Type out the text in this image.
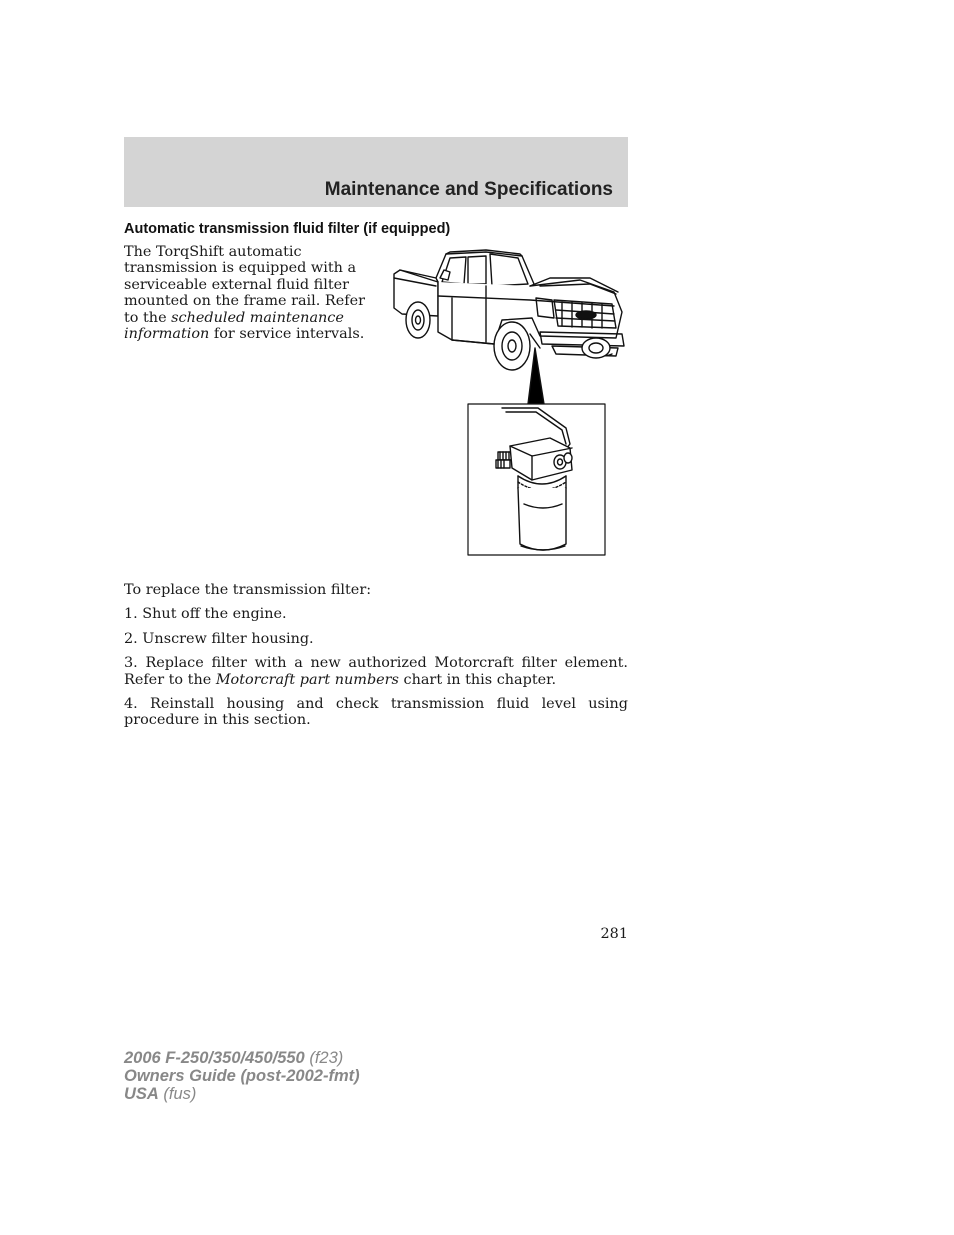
Maintenance and Specifications
Automatic transmission fluid filter (if equipped)
The TorqShift automatic transmission is equipped with a serviceable external fluid filter mounted on the frame rail. Refer to the scheduled maintenance information for service intervals.

To replace the transmission filter:

1. Shut off the engine.

2. Unscrew filter housing.

3. Replace filter with a new authorized Motorcraft filter element. Refer to the Motorcraft part numbers chart in this chapter.

4. Reinstall housing and check transmission fluid level using procedure in this section.

281
2006 F-250/350/450/550 (f23)
Owners Guide (post-2002-fmt)
USA (fus)
